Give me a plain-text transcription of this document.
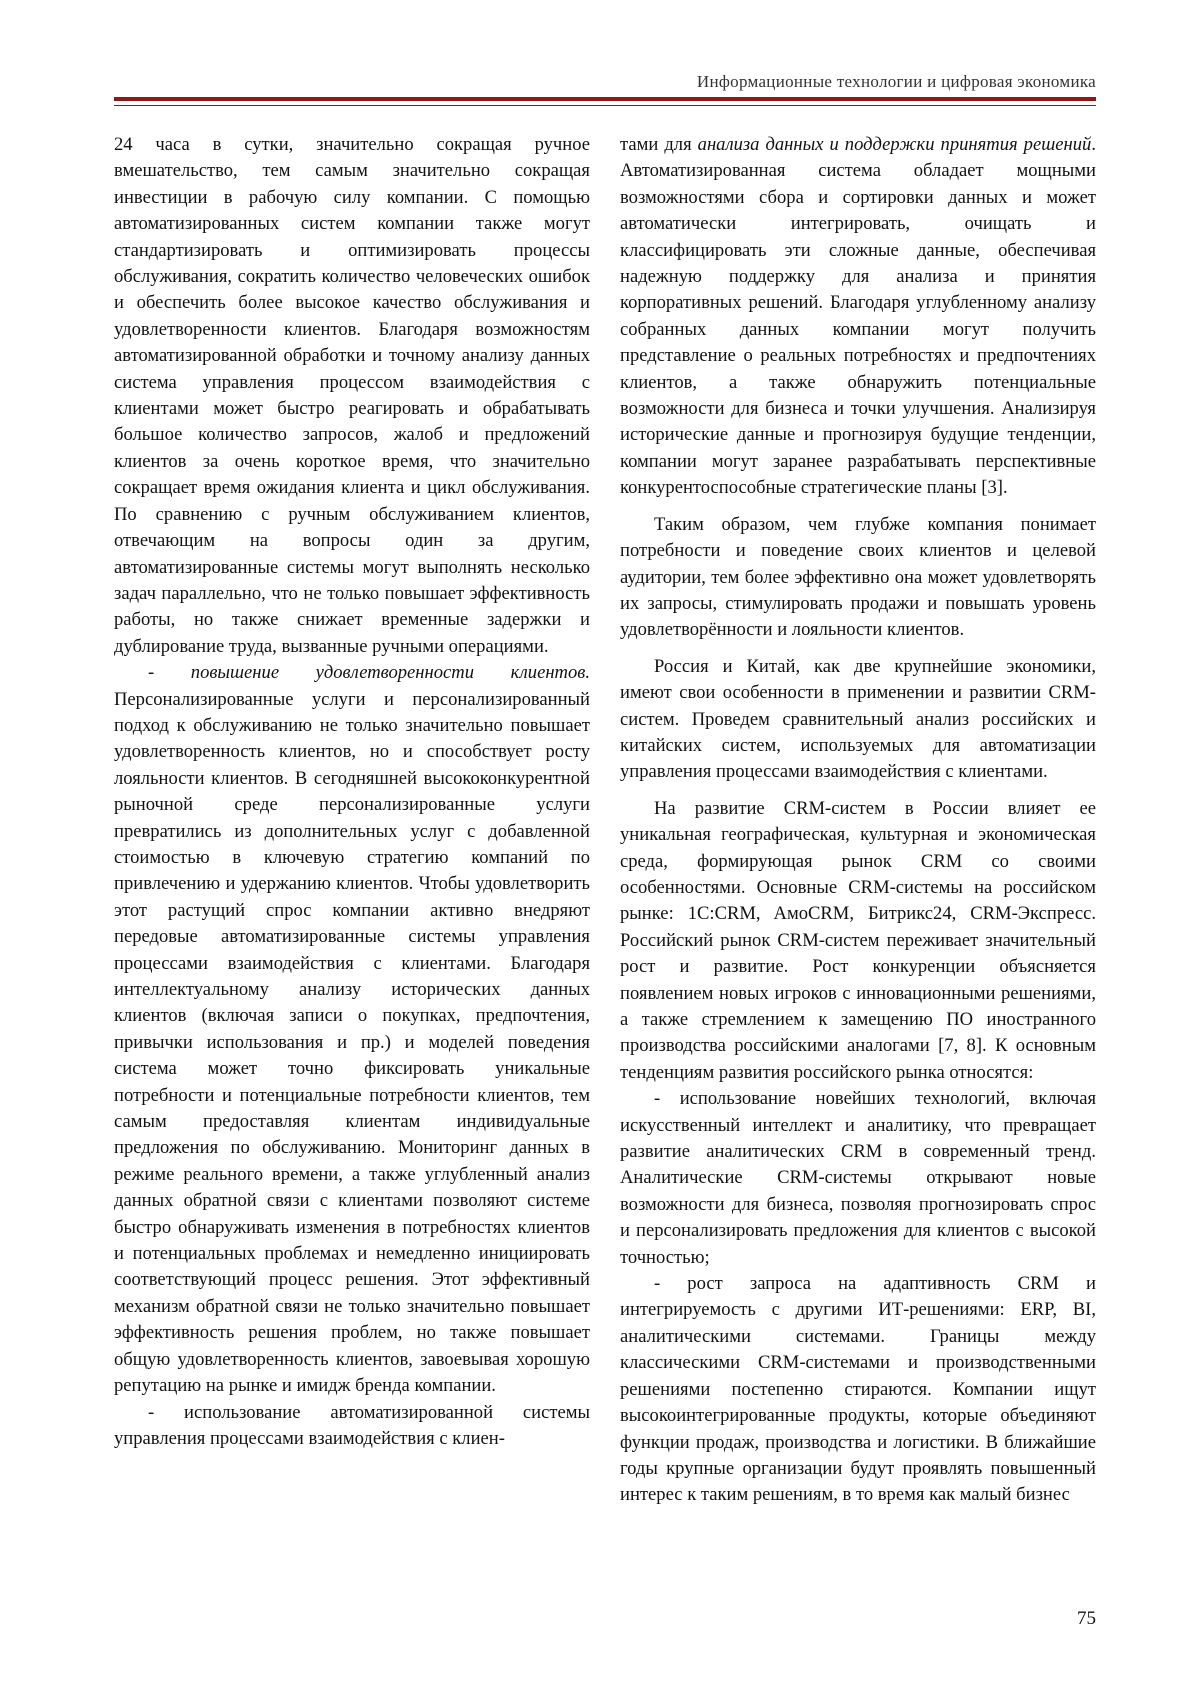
Информационные технологии и цифровая экономика

24 часа в сутки, значительно сокращая ручное вмешательство, тем самым значительно сокращая инвестиции в рабочую силу компании. С помощью автоматизированных систем компании также могут стандартизировать и оптимизировать процессы обслуживания, сократить количество человеческих ошибок и обеспечить более высокое качество обслуживания и удовлетворенности клиентов. Благодаря возможностям автоматизированной обработки и точному анализу данных система управления процессом взаимодействия с клиентами может быстро реагировать и обрабатывать большое количество запросов, жалоб и предложений клиентов за очень короткое время, что значительно сокращает время ожидания клиента и цикл обслуживания. По сравнению с ручным обслуживанием клиентов, отвечающим на вопросы один за другим, автоматизированные системы могут выполнять несколько задач параллельно, что не только повышает эффективность работы, но также снижает временные задержки и дублирование труда, вызванные ручными операциями.

- повышение удовлетворенности клиентов. Персонализированные услуги и персонализированный подход к обслуживанию не только значительно повышает удовлетворенность клиентов, но и способствует росту лояльности клиентов. В сегодняшней высококонкурентной рыночной среде персонализированные услуги превратились из дополнительных услуг с добавленной стоимостью в ключевую стратегию компаний по привлечению и удержанию клиентов. Чтобы удовлетворить этот растущий спрос компании активно внедряют передовые автоматизированные системы управления процессами взаимодействия с клиентами. Благодаря интеллектуальному анализу исторических данных клиентов (включая записи о покупках, предпочтения, привычки использования и пр.) и моделей поведения система может точно фиксировать уникальные потребности и потенциальные потребности клиентов, тем самым предоставляя клиентам индивидуальные предложения по обслуживанию. Мониторинг данных в режиме реального времени, а также углубленный анализ данных обратной связи с клиентами позволяют системе быстро обнаруживать изменения в потребностях клиентов и потенциальных проблемах и немедленно инициировать соответствующий процесс решения. Этот эффективный механизм обратной связи не только значительно повышает эффективность решения проблем, но также повышает общую удовлетворенность клиентов, завоевывая хорошую репутацию на рынке и имидж бренда компании.

- использование автоматизированной системы управления процессами взаимодействия с клиен-

тами для анализа данных и поддержки принятия решений. Автоматизированная система обладает мощными возможностями сбора и сортировки данных и может автоматически интегрировать, очищать и классифицировать эти сложные данные, обеспечивая надежную поддержку для анализа и принятия корпоративных решений. Благодаря углубленному анализу собранных данных компании могут получить представление о реальных потребностях и предпочтениях клиентов, а также обнаружить потенциальные возможности для бизнеса и точки улучшения. Анализируя исторические данные и прогнозируя будущие тенденции, компании могут заранее разрабатывать перспективные конкурентоспособные стратегические планы [3].

Таким образом, чем глубже компания понимает потребности и поведение своих клиентов и целевой аудитории, тем более эффективно она может удовлетворять их запросы, стимулировать продажи и повышать уровень удовлетворённости и лояльности клиентов.

Россия и Китай, как две крупнейшие экономики, имеют свои особенности в применении и развитии CRM-систем. Проведем сравнительный анализ российских и китайских систем, используемых для автоматизации управления процессами взаимодействия с клиентами.

На развитие CRM-систем в России влияет ее уникальная географическая, культурная и экономическая среда, формирующая рынок CRM со своими особенностями. Основные CRM-системы на российском рынке: 1С:CRM, AмoCRM, Битрикс24, CRM-Экспресс. Российский рынок CRM-систем переживает значительный рост и развитие. Рост конкуренции объясняется появлением новых игроков с инновационными решениями, а также стремлением к замещению ПО иностранного производства российскими аналогами [7, 8]. К основным тенденциям развития российского рынка относятся:

- использование новейших технологий, включая искусственный интеллект и аналитику, что превращает развитие аналитических CRM в современный тренд. Аналитические CRM-системы открывают новые возможности для бизнеса, позволяя прогнозировать спрос и персонализировать предложения для клиентов с высокой точностью;

- рост запроса на адаптивность CRM и интегрируемость с другими ИТ-решениями: ERP, BI, аналитическими системами. Границы между классическими CRM-системами и производственными решениями постепенно стираются. Компании ищут высокоинтегрированные продукты, которые объединяют функции продаж, производства и логистики. В ближайшие годы крупные организации будут проявлять повышенный интерес к таким решениям, в то время как малый бизнес

75
